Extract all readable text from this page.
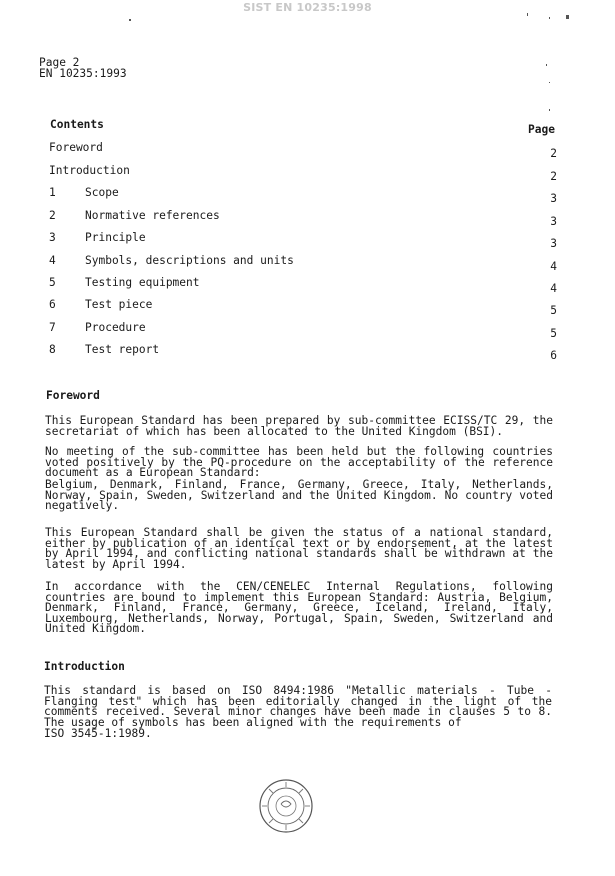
SIST EN 10235:1998
Page 2
EN 10235:1993
Contents	Page
Foreword	2
Introduction	2
1	Scope	3
2	Normative references	3
3	Principle	3
4	Symbols, descriptions and units	4
5	Testing equipment	4
6	Test piece	5
7	Procedure	5
8	Test report	6
Foreword
This European Standard has been prepared by sub-committee ECISS/TC 29, the secretariat of which has been allocated to the United Kingdom (BSI).
No meeting of the sub-committee has been held but the following countries voted positively by the PQ-procedure on the acceptability of the reference document as a European Standard:
Belgium, Denmark, Finland, France, Germany, Greece, Italy, Netherlands, Norway, Spain, Sweden, Switzerland and the United Kingdom. No country voted negatively.
This European Standard shall be given the status of a national standard, either by publication of an identical text or by endorsement, at the latest by April 1994, and conflicting national standards shall be withdrawn at the latest by April 1994.
In accordance with the CEN/CENELEC Internal Regulations, following countries are bound to implement this European Standard: Austria, Belgium, Denmark, Finland, France, Germany, Greece, Iceland, Ireland, Italy, Luxembourg, Netherlands, Norway, Portugal, Spain, Sweden, Switzerland and United Kingdom.
Introduction
This standard is based on ISO 8494:1986 "Metallic materials - Tube - Flanging test" which has been editorially changed in the light of the comments received. Several minor changes have been made in clauses 5 to 8. The usage of symbols has been aligned with the requirements of
ISO 3545-1:1989.
